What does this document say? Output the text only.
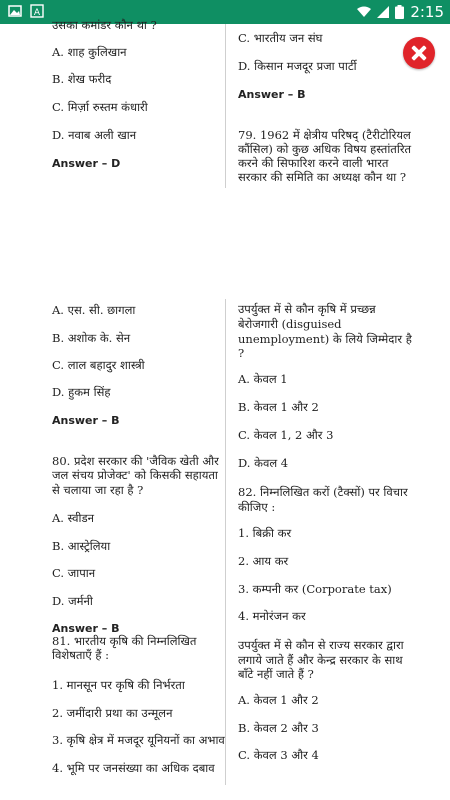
A	2:15
उसका कमांडर कौन था ?
A. शाह कुलिखान
B. शेख फरीद
C. मिर्ज़ा रुस्तम कंधारी
D. नवाब अली खान
Answer – D
C. भारतीय जन संघ
D. किसान मजदूर प्रजा पार्टी
Answer – B
79. 1962 में क्षेत्रीय परिषद् (टैरीटोरियल
कौंसिल) को कुछ अधिक विषय हस्तांतरित
करने की सिफारिश करने वाली भारत
सरकार की समिति का अध्यक्ष कौन था ?
A. एस. सी. छागला
B. अशोक के. सेन
C. लाल बहादुर शास्त्री
D. हुकम सिंह
Answer – B
80. प्रदेश सरकार की 'जैविक खेती और
जल संचय प्रोजेक्ट' को किसकी सहायता
से चलाया जा रहा है ?
A. स्वीडन
B. आस्ट्रेलिया
C. जापान
D. जर्मनी
Answer – B
81. भारतीय कृषि की निम्नलिखित
विशेषताएँ हैं :
1. मानसून पर कृषि की निर्भरता
2. जमींदारी प्रथा का उन्मूलन
3. कृषि क्षेत्र में मजदूर यूनियनों का अभाव
4. भूमि पर जनसंख्या का अधिक दबाव
उपर्युक्त में से कौन कृषि में प्रच्छन्न
बेरोजगारी (disguised
unemployment) के लिये जिम्मेदार है
?
A. केवल 1
B. केवल 1 और 2
C. केवल 1, 2 और 3
D. केवल 4
82. निम्नलिखित करों (टैक्सों) पर विचार
कीजिए :
1. बिक्री कर
2. आय कर
3. कम्पनी कर (Corporate tax)
4. मनोरंजन कर
उपर्युक्त में से कौन से राज्य सरकार द्वारा
लगाये जाते हैं और केन्द्र सरकार के साथ
बाँटे नहीं जाते हैं ?
A. केवल 1 और 2
B. केवल 2 और 3
C. केवल 3 और 4
